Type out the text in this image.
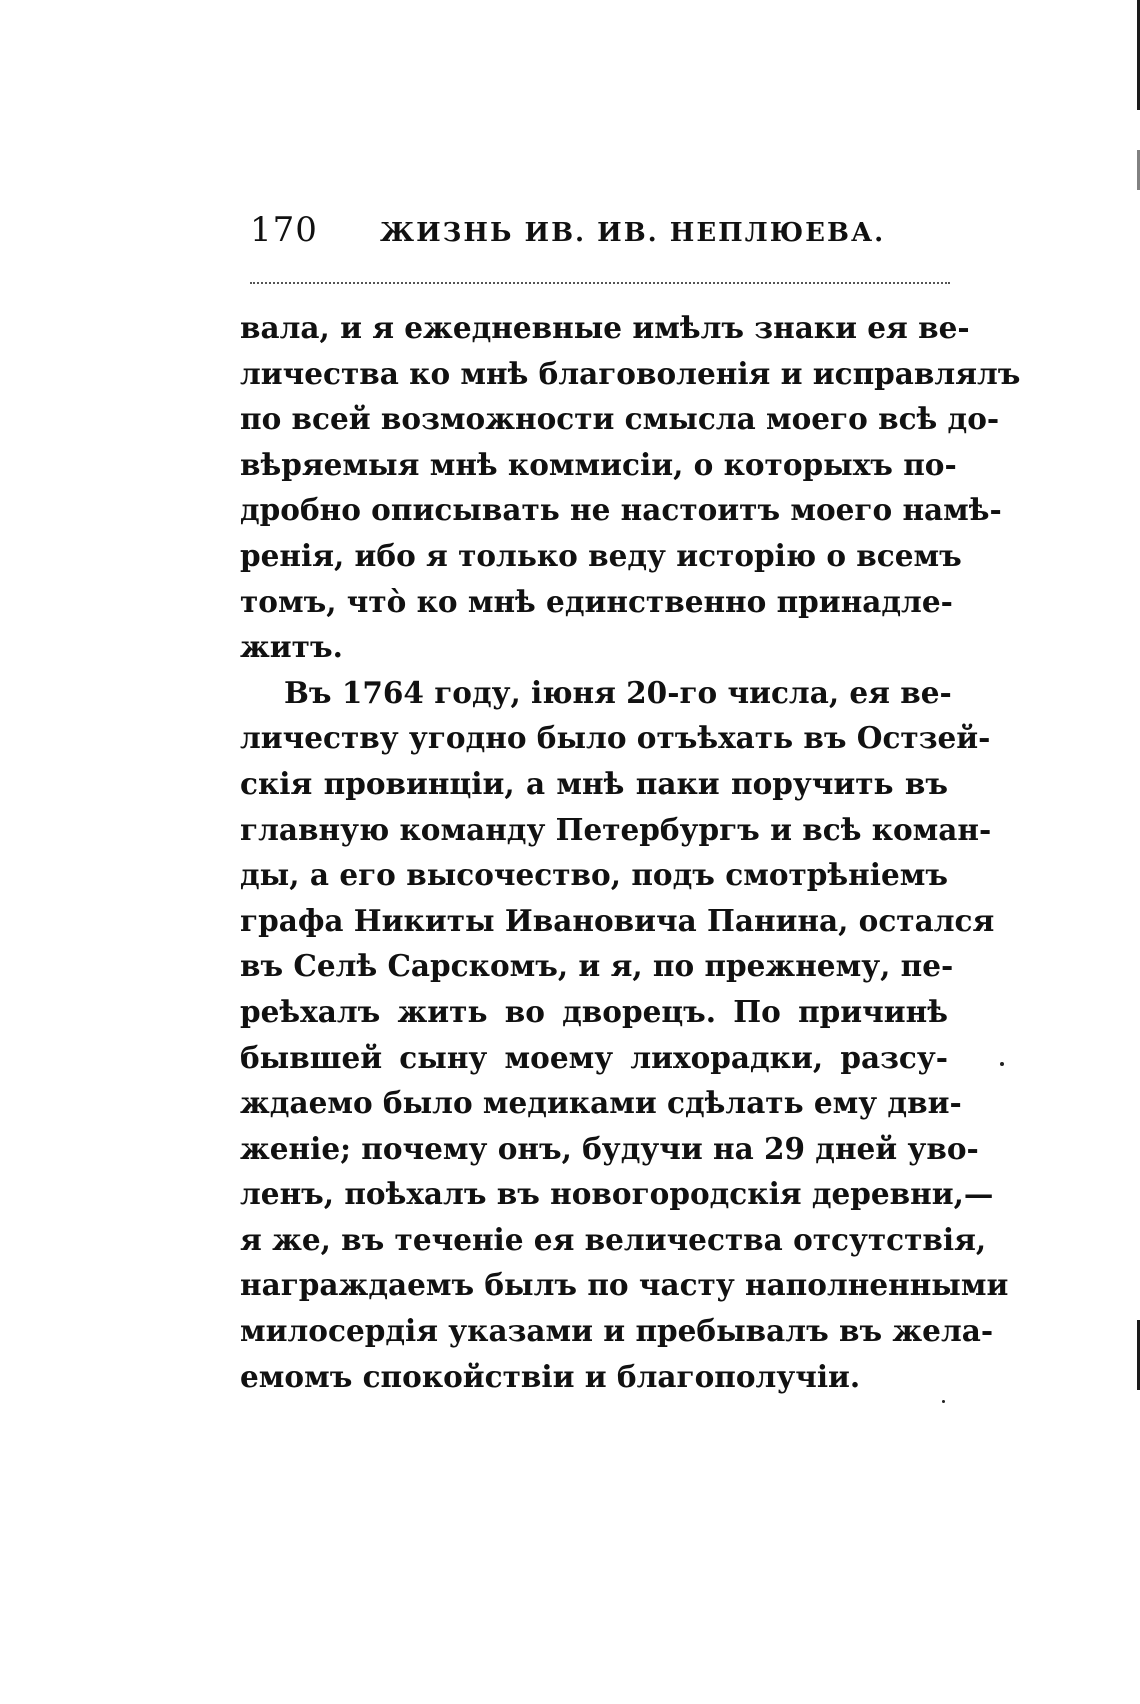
170 ЖИЗНЬ ИВ. ИВ. НЕПЛЮЕВА.
вала, и я ежедневные имѣлъ знаки ея ве-
личества ко мнѣ благоволенія и исправлялъ
по всей возможности смысла моего всѣ до-
вѣряемыя мнѣ коммисіи, о которыхъ по-
дробно описывать не настоитъ моего намѣ-
ренія, ибо я только веду исторію о всемъ
томъ, что̀ ко мнѣ единственно принадле-
житъ.
Въ 1764 году, іюня 20-го числа, ея ве-
личеству угодно было отъѣхать въ Остзей-
скія провинціи, а мнѣ паки поручить въ
главную команду Петербургъ и всѣ коман-
ды, а его высочество, подъ смотрѣніемъ
графа Никиты Ивановича Панина, остался
въ Селѣ Сарскомъ, и я, по прежнему, пе-
реѣхалъ жить во дворецъ. По причинѣ
бывшей сыну моему лихорадки, разсу-
ждаемо было медиками сдѣлать ему дви-
женіе; почему онъ, будучи на 29 дней уво-
ленъ, поѣхалъ въ новогородскія деревни,—
я же, въ теченіе ея величества отсутствія,
награждаемъ былъ по часту наполненными
милосердія указами и пребывалъ въ жела-
емомъ спокойствіи и благополучіи.
